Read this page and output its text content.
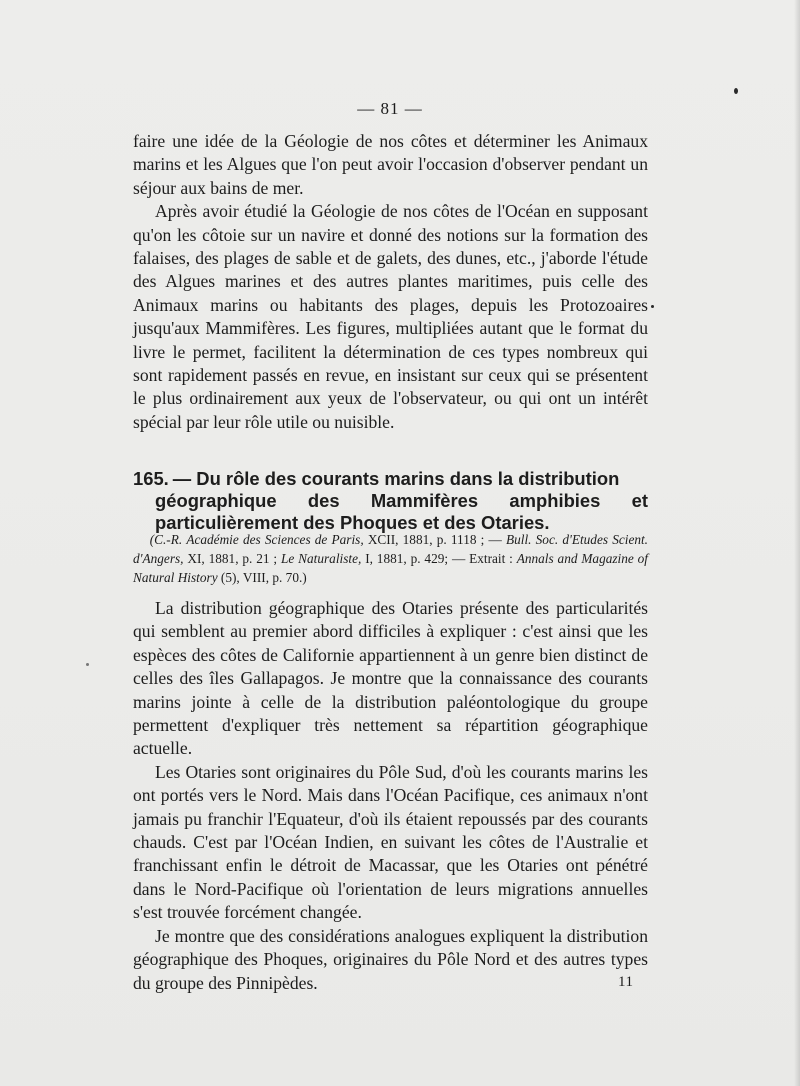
— 81 —

faire une idée de la Géologie de nos côtes et déterminer les Animaux marins et les Algues que l'on peut avoir l'occasion d'observer pendant un séjour aux bains de mer.

Après avoir étudié la Géologie de nos côtes de l'Océan en supposant qu'on les côtoie sur un navire et donné des notions sur la formation des falaises, des plages de sable et de galets, des dunes, etc., j'aborde l'étude des Algues marines et des autres plantes maritimes, puis celle des Animaux marins ou habitants des plages, depuis les Protozoaires jusqu'aux Mammifères. Les figures, multipliées autant que le format du livre le permet, facilitent la détermination de ces types nombreux qui sont rapidement passés en revue, en insistant sur ceux qui se présentent le plus ordinairement aux yeux de l'observateur, ou qui ont un intérêt spécial par leur rôle utile ou nuisible.

165. — Du rôle des courants marins dans la distribution
géographique des Mammifères amphibies et particulièrement des Phoques et des Otaries.
(C.-R. Académie des Sciences de Paris, XCII, 1881, p. 1118 ; — Bull. Soc. d'Etudes Scient. d'Angers, XI, 1881, p. 21 ; Le Naturaliste, I, 1881, p. 429; — Extrait : Annals and Magazine of Natural History (5), VIII, p. 70.)

La distribution géographique des Otaries présente des particularités qui semblent au premier abord difficiles à expliquer : c'est ainsi que les espèces des côtes de Californie appartiennent à un genre bien distinct de celles des îles Gallapagos. Je montre que la connaissance des courants marins jointe à celle de la distribution paléontologique du groupe permettent d'expliquer très nettement sa répartition géographique actuelle.

Les Otaries sont originaires du Pôle Sud, d'où les courants marins les ont portés vers le Nord. Mais dans l'Océan Pacifique, ces animaux n'ont jamais pu franchir l'Equateur, d'où ils étaient repoussés par des courants chauds. C'est par l'Océan Indien, en suivant les côtes de l'Australie et franchissant enfin le détroit de Macassar, que les Otaries ont pénétré dans le Nord-Pacifique où l'orientation de leurs migrations annuelles s'est trouvée forcément changée.

Je montre que des considérations analogues expliquent la distribution géographique des Phoques, originaires du Pôle Nord et des autres types du groupe des Pinnipèdes.	11
